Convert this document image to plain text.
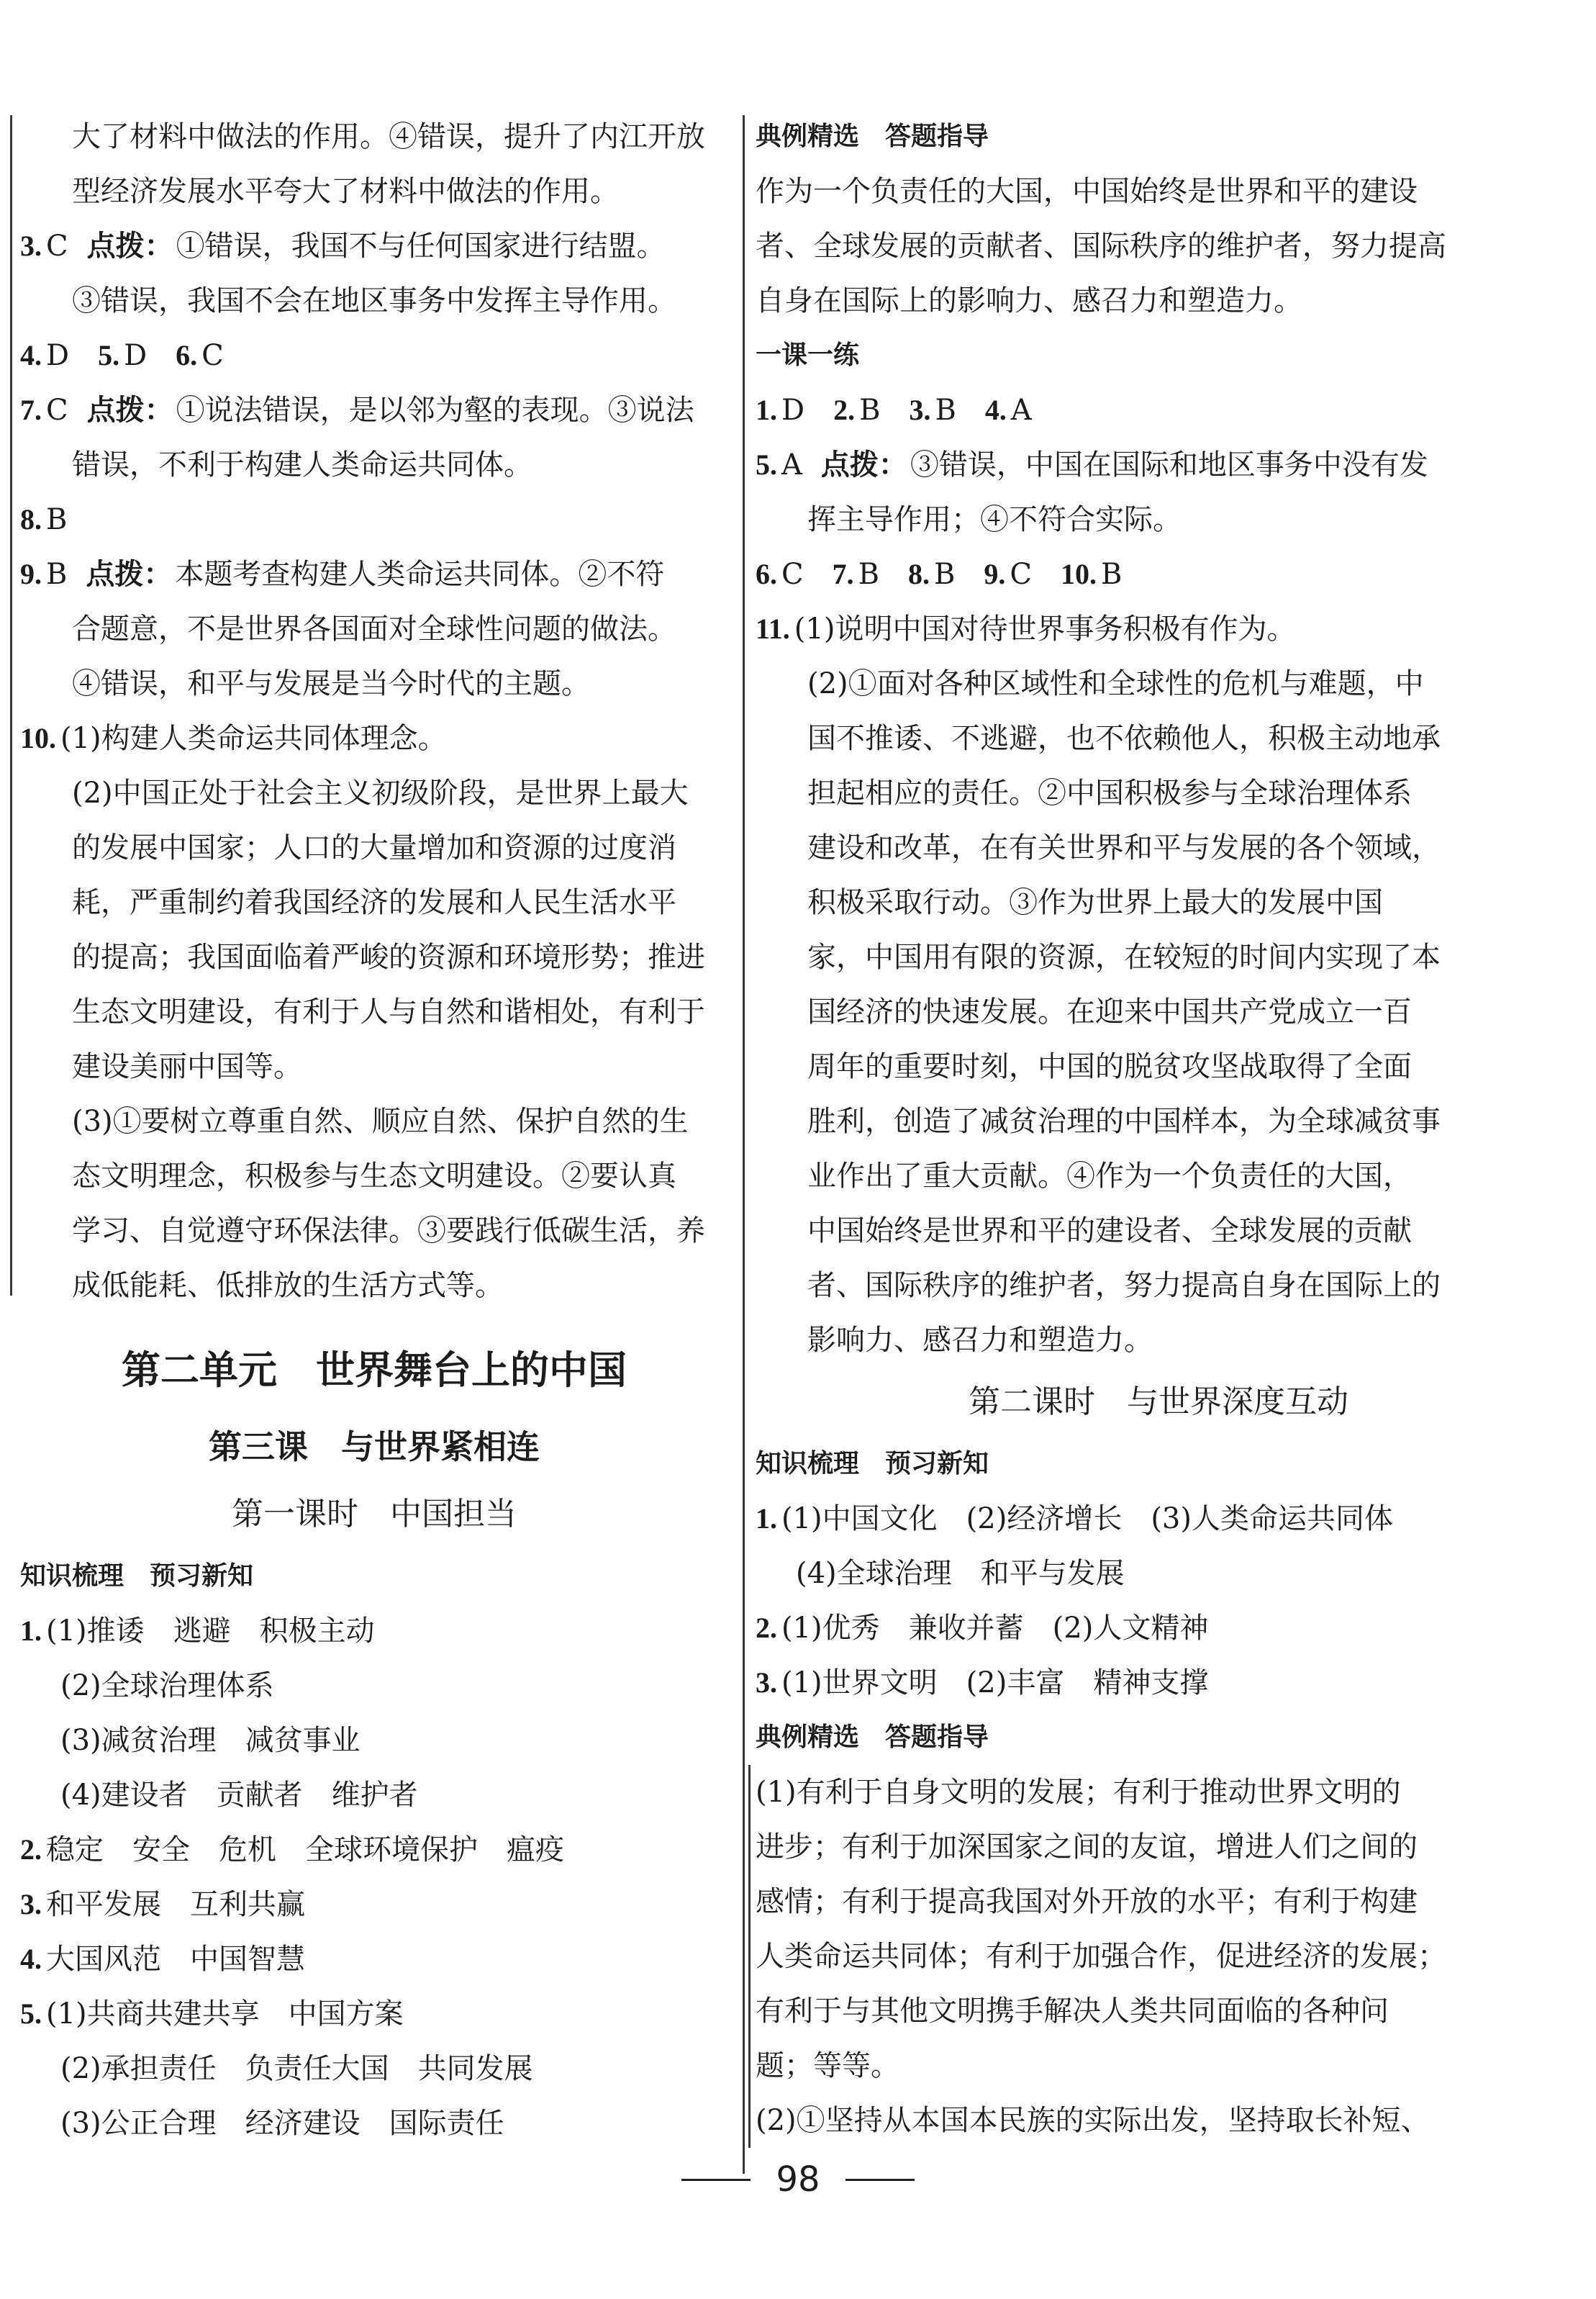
大了材料中做法的作用。④错误，提升了内江开放
型经济发展水平夸大了材料中做法的作用。
3. C 点拨： ①错误，我国不与任何国家进行结盟。
③错误，我国不会在地区事务中发挥主导作用。
4. D　5. D　6. C
7. C 点拨： ①说法错误，是以邻为壑的表现。③说法
错误，不利于构建人类命运共同体。
8. B
9. B 点拨： 本题考查构建人类命运共同体。②不符
合题意，不是世界各国面对全球性问题的做法。
④错误，和平与发展是当今时代的主题。
10. (1)构建人类命运共同体理念。
(2)中国正处于社会主义初级阶段，是世界上最大
的发展中国家；人口的大量增加和资源的过度消
耗，严重制约着我国经济的发展和人民生活水平
的提高；我国面临着严峻的资源和环境形势；推进
生态文明建设，有利于人与自然和谐相处，有利于
建设美丽中国等。
(3)①要树立尊重自然、顺应自然、保护自然的生
态文明理念，积极参与生态文明建设。②要认真
学习、自觉遵守环保法律。③要践行低碳生活，养
成低能耗、低排放的生活方式等。
第二单元　世界舞台上的中国
第三课　与世界紧相连
第一课时　中国担当
知识梳理　预习新知
1. (1)推诿　逃避　积极主动
(2)全球治理体系
(3)减贫治理　减贫事业
(4)建设者　贡献者　维护者
2. 稳定　安全　危机　全球环境保护　瘟疫
3. 和平发展　互利共赢
4. 大国风范　中国智慧
5. (1)共商共建共享　中国方案
(2)承担责任　负责任大国　共同发展
(3)公正合理　经济建设　国际责任
典例精选　答题指导
作为一个负责任的大国，中国始终是世界和平的建设
者、全球发展的贡献者、国际秩序的维护者，努力提高
自身在国际上的影响力、感召力和塑造力。
一课一练
1. D　2. B　3. B　4. A
5. A 点拨： ③错误，中国在国际和地区事务中没有发
挥主导作用；④不符合实际。
6. C　7. B　8. B　9. C　10. B
11. (1)说明中国对待世界事务积极有作为。
(2)①面对各种区域性和全球性的危机与难题，中
国不推诿、不逃避，也不依赖他人，积极主动地承
担起相应的责任。②中国积极参与全球治理体系
建设和改革，在有关世界和平与发展的各个领域，
积极采取行动。③作为世界上最大的发展中国
家，中国用有限的资源，在较短的时间内实现了本
国经济的快速发展。在迎来中国共产党成立一百
周年的重要时刻，中国的脱贫攻坚战取得了全面
胜利，创造了减贫治理的中国样本，为全球减贫事
业作出了重大贡献。④作为一个负责任的大国，
中国始终是世界和平的建设者、全球发展的贡献
者、国际秩序的维护者，努力提高自身在国际上的
影响力、感召力和塑造力。
第二课时　与世界深度互动
知识梳理　预习新知
1. (1)中国文化　(2)经济增长　(3)人类命运共同体
(4)全球治理　和平与发展
2. (1)优秀　兼收并蓄　(2)人文精神
3. (1)世界文明　(2)丰富　精神支撑
典例精选　答题指导
(1)有利于自身文明的发展；有利于推动世界文明的
进步；有利于加深国家之间的友谊，增进人们之间的
感情；有利于提高我国对外开放的水平；有利于构建
人类命运共同体；有利于加强合作，促进经济的发展；
有利于与其他文明携手解决人类共同面临的各种问
题；等等。
(2)①坚持从本国本民族的实际出发，坚持取长补短、
98
